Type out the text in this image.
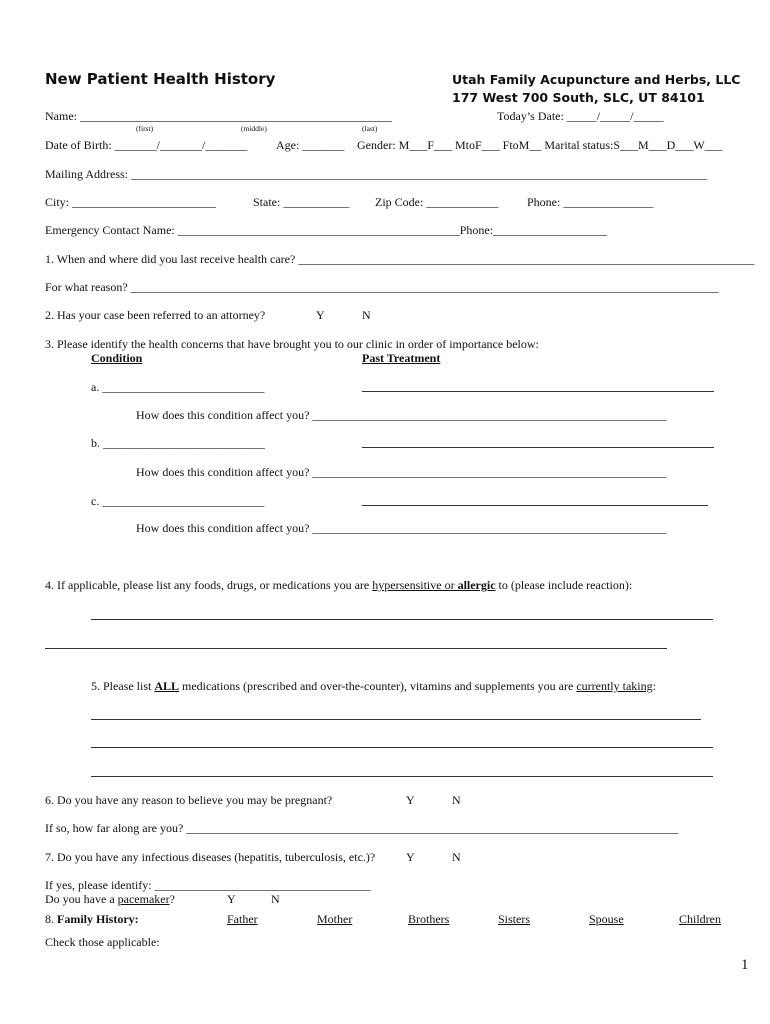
New Patient Health History	Utah Family Acupuncture and Herbs, LLC
177 West 700 South, SLC, UT 84101
Today’s Date: _____/_____/_____
Name: ____________________________________________________
(first)	(middle)	(last)
Date of Birth: _______/_______/_______ Age: _______ Gender: M___F___ MtoF___ FtoM__ Marital status:S___M___D___W___
Mailing Address: ________________________________________________________________________________________________
City: ________________________	State: ___________ Zip Code: ____________ Phone: _______________
Emergency Contact Name: _______________________________________________Phone:___________________
1. When and where did you last receive health care? ____________________________________________________________________________
For what reason? __________________________________________________________________________________________________
2. Has your case been referred to an attorney?	Y	N
3. Please identify the health concerns that have brought you to our clinic in order of importance below:
Condition	Past Treatment
a. ___________________________
How does this condition affect you? ___________________________________________________________
b. ___________________________
How does this condition affect you? ___________________________________________________________
c. ___________________________
How does this condition affect you? ___________________________________________________________
4. If applicable, please list any foods, drugs, or medications you are hypersensitive or allergic to (please include reaction):
5. Please list ALL medications (prescribed and over-the-counter), vitamins and supplements you are currently taking:
6. Do you have any reason to believe you may be pregnant?	Y	N
If so, how far along are you? __________________________________________________________________________________
7. Do you have any infectious diseases (hepatitis, tuberculosis, etc.)?	Y	N
If yes, please identify: ____________________________________
Do you have a pacemaker?	Y	N
8. Family History:	Father	Mother	Brothers	Sisters	Spouse	Children
Check those applicable:
1
